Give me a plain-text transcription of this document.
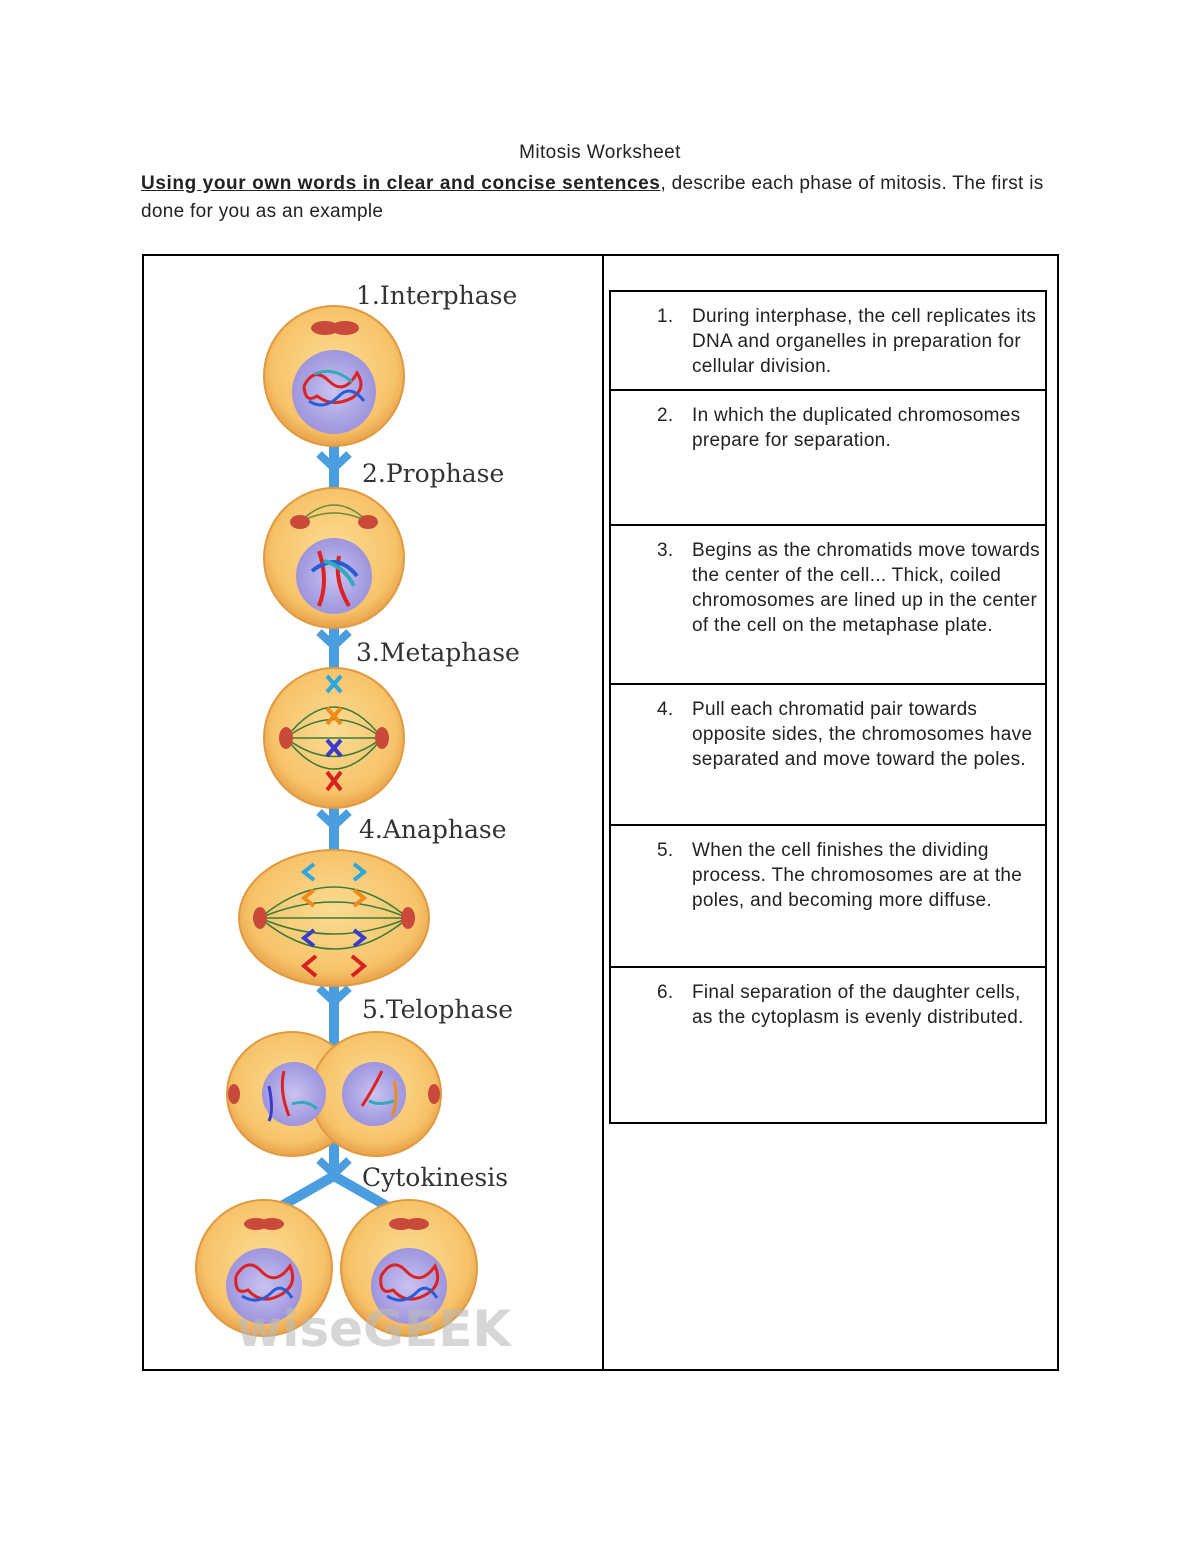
Mitosis Worksheet
Using your own words in clear and concise sentences, describe each phase of mitosis. The first is done for you as an example
1.Interphase
2.Prophase
3.Metaphase
4.Anaphase
5.Telophase
Cytokinesis
wiseGEEK
1. During interphase, the cell replicates its DNA and organelles in preparation for cellular division.
2. In which the duplicated chromosomes prepare for separation.
3. Begins as the chromatids move towards the center of the cell... Thick, coiled chromosomes are lined up in the center of the cell on the metaphase plate.
4. Pull each chromatid pair towards opposite sides, the chromosomes have separated and move toward the poles.
5. When the cell finishes the dividing process. The chromosomes are at the poles, and becoming more diffuse.
6. Final separation of the daughter cells, as the cytoplasm is evenly distributed.
